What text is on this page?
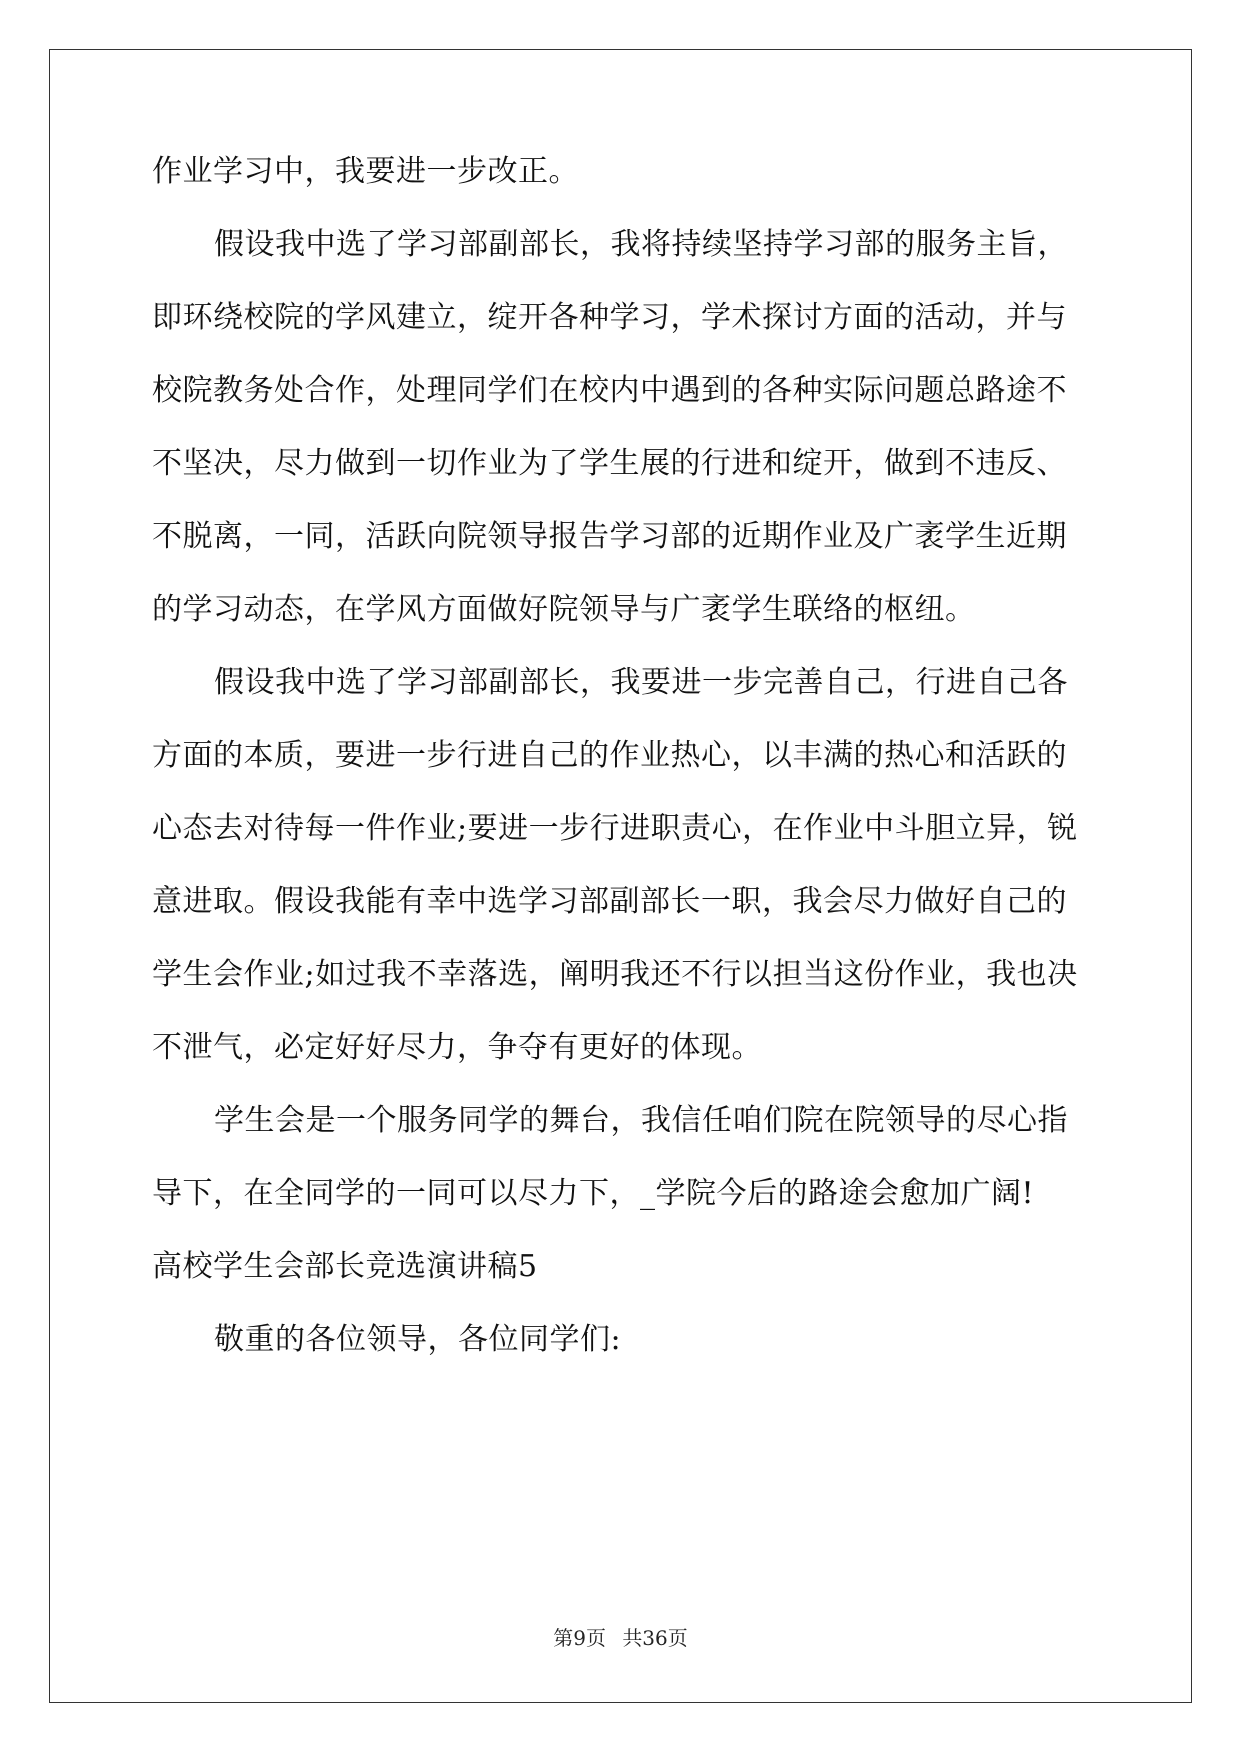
作业学习中，我要进一步改正。
假设我中选了学习部副部长，我将持续坚持学习部的服务主旨，
即环绕校院的学风建立，绽开各种学习，学术探讨方面的活动，并与
校院教务处合作，处理同学们在校内中遇到的各种实际问题总路途不
不坚决，尽力做到一切作业为了学生展的行进和绽开，做到不违反、
不脱离，一同，活跃向院领导报告学习部的近期作业及广袤学生近期
的学习动态，在学风方面做好院领导与广袤学生联络的枢纽。
假设我中选了学习部副部长，我要进一步完善自己，行进自己各
方面的本质，要进一步行进自己的作业热心，以丰满的热心和活跃的
心态去对待每一件作业;要进一步行进职责心，在作业中斗胆立异，锐
意进取。假设我能有幸中选学习部副部长一职，我会尽力做好自己的
学生会作业;如过我不幸落选，阐明我还不行以担当这份作业，我也决
不泄气，必定好好尽力，争夺有更好的体现。
学生会是一个服务同学的舞台，我信任咱们院在院领导的尽心指
导下，在全同学的一同可以尽力下，_学院今后的路途会愈加广阔!
高校学生会部长竞选演讲稿5
敬重的各位领导，各位同学们:
第9页 共36页
